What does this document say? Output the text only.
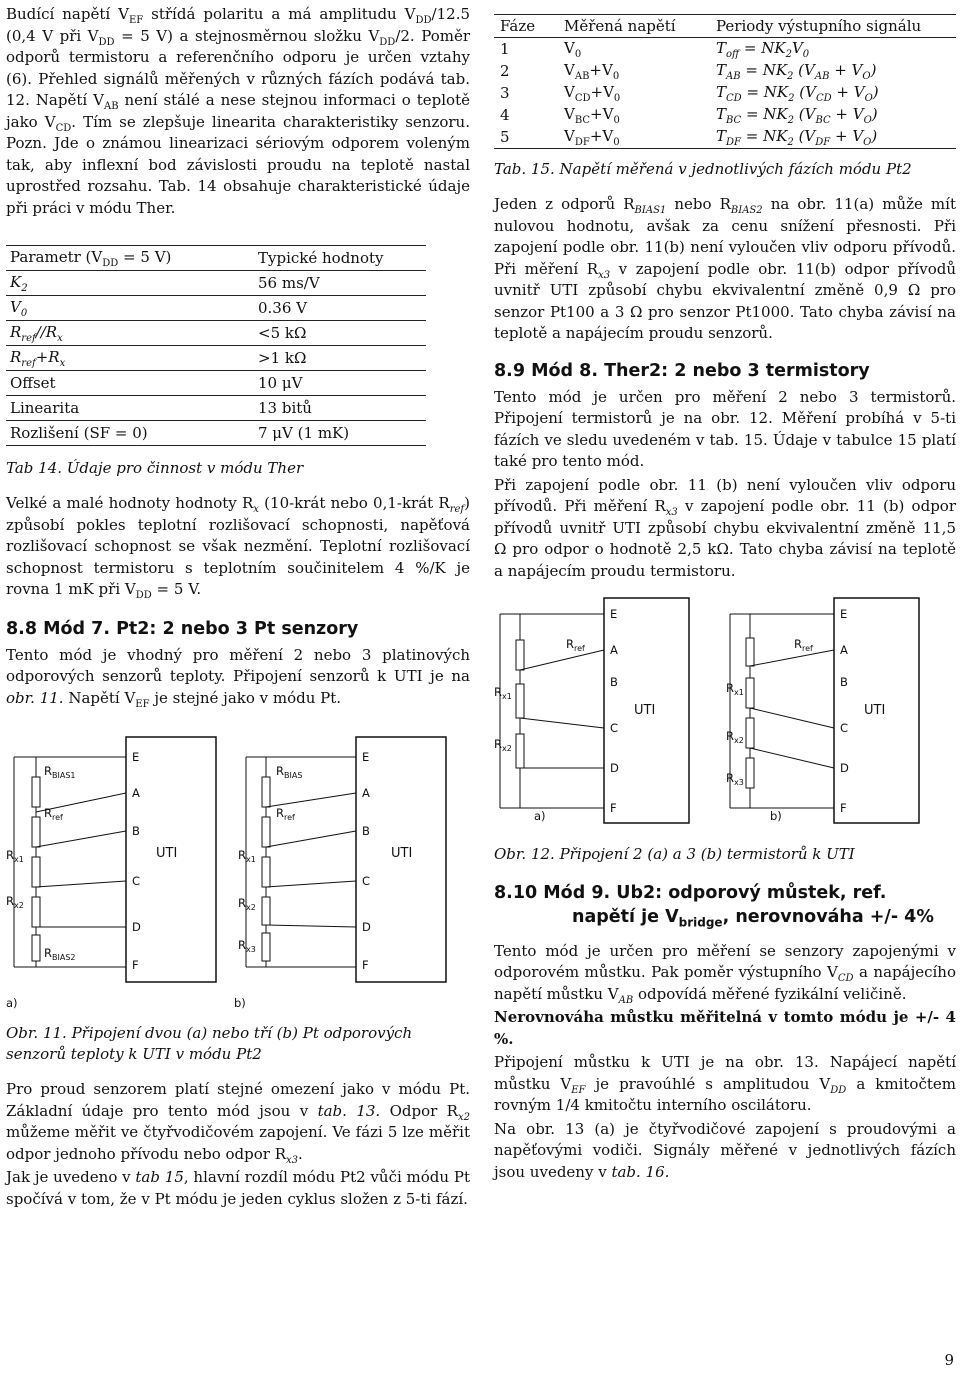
Budící napětí $V_{EF}$ střídá polaritu a má amplitudu $V_{DD}/12.5$ (0,4 V při $V_{DD} = 5$ V) a stejnosměrnou složku $V_{DD}/2$. Poměr odporů termistoru a referenčního odporu je určen vztahy (6). Přehled signálů měřených v různých fázích podává tab. 12. Napětí $V_{AB}$ není stálé a nese stejnou informaci o teplotě jako $V_{CD}$. Tím se zlepšuje linearita charakteristiky senzoru. Pozn. Jde o známou linearizaci sériovým odporem voleným tak, aby inflexní bod závislosti proudu na teplotě nastal uprostřed rozsahu. Tab. 14 obsahuje charakteristické údaje při práci v módu Ther.

Parametr ($V_{DD} = 5$ V)	Typické hodnoty
$K_2$	56 ms/V
$V_0$	0.36 V
$R_{ref}//R_x$	<5 kΩ
$R_{ref}+R_x$	>1 kΩ
Offset	10 μV
Linearita	13 bitů
Rozlišení (SF = 0)	7 μV (1 mK)

Tab 14. Údaje pro činnost v módu Ther

Velké a malé hodnoty hodnoty $R_x$ (10-krát nebo 0,1-krát $R_{ref}$) způsobí pokles teplotní rozlišovací schopnosti, napěťová rozlišovací schopnost se však nezmění. Teplotní rozlišovací schopnost termistoru s teplotním součinitelem 4 %/K je rovna 1 mK při $V_{DD} = 5$ V.

8.8 Mód 7. Pt2: 2 nebo 3 Pt senzory

Tento mód je vhodný pro měření 2 nebo 3 platinových odporových senzorů teploty. Připojení senzorů k UTI je na obr. 11. Napětí $V_{EF}$ je stejné jako v módu Pt.

E
A
B
C
D
F
UTI
$R_{BIAS1}$
$R_{ref}$
$R_{x1}$
$R_{x2}$
$R_{BIAS2}$
a)
E
A
B
C
D
F
UTI
$R_{BIAS}$
$R_{ref}$
$R_{x1}$
$R_{x2}$
$R_{x3}$
b)

Obr. 11. Připojení dvou (a) nebo tří (b) Pt odporových senzorů teploty k UTI v módu Pt2

Pro proud senzorem platí stejné omezení jako v módu Pt. Základní údaje pro tento mód jsou v tab. 13. Odpor $R_{x2}$ můžeme měřit ve čtyřvodičovém zapojení. Ve fázi 5 lze měřit odpor jednoho přívodu nebo odpor $R_{x3}$.

Jak je uvedeno v tab 15, hlavní rozdíl módu Pt2 vůči módu Pt spočívá v tom, že v Pt módu je jeden cyklus složen z 5-ti fází.

Fáze	Měřená napětí	Periody výstupního signálu
1	$V_0$	$T_{off} = NK_2V_0$
2	$V_{AB}+V_0$	$T_{AB} = NK_2$ $(V_{AB} + V_O)$
3	$V_{CD}+V_0$	$T_{CD} = NK_2$ $(V_{CD} + V_O)$
4	$V_{BC}+V_0$	$T_{BC} = NK_2$ $(V_{BC} + V_O)$
5	$V_{DF}+V_0$	$T_{DF} = NK_2$ $(V_{DF} + V_O)$

Tab. 15. Napětí měřená v jednotlivých fázích módu Pt2

Jeden z odporů $R_{BIAS1}$ nebo $R_{BIAS2}$ na obr. 11(a) může mít nulovou hodnotu, avšak za cenu snížení přesnosti. Při zapojení podle obr. 11(b) není vyloučen vliv odporu přívodů. Při měření $R_{x3}$ v zapojení podle obr. 11(b) odpor přívodů uvnitř UTI způsobí chybu ekvivalentní změně 0,9 Ω pro senzor Pt100 a 3 Ω pro senzor Pt1000. Tato chyba závisí na teplotě a napájecím proudu senzorů.

8.9 Mód 8. Ther2: 2 nebo 3 termistory

Tento mód je určen pro měření 2 nebo 3 termistorů. Připojení termistorů je na obr. 12. Měření probíhá v 5-ti fázích ve sledu uvedeném v tab. 15. Údaje v tabulce 15 platí také pro tento mód.

Při zapojení podle obr. 11 (b) není vyloučen vliv odporu přívodů. Při měření $R_{x3}$ v zapojení podle obr. 11 (b) odpor přívodů uvnitř UTI způsobí chybu ekvivalentní změně 11,5 Ω pro odpor o hodnotě 2,5 kΩ. Tato chyba závisí na teplotě a napájecím proudu termistoru.

E
A
B
C
D
F
UTI
$R_{ref}$
$R_{x1}$
$R_{x2}$
a)
E
A
B
C
D
F
UTI
$R_{ref}$
$R_{x1}$
$R_{x2}$
$R_{x3}$
b)

Obr. 12. Připojení 2 (a) a 3 (b) termistorů k UTI

8.10 Mód 9. Ub2: odporový můstek, ref.

napětí je $V_{bridge}$, nerovnováha +/- 4%

Tento mód je určen pro měření se senzory zapojenými v odporovém můstku. Pak poměr výstupního $V_{CD}$ a napájecího napětí můstku $V_{AB}$ odpovídá měřené fyzikální veličině.

Nerovnováha můstku měřitelná v tomto módu je +/- 4 %.

Připojení můstku k UTI je na obr. 13. Napájecí napětí můstku $V_{EF}$ je pravoúhlé s amplitudou $V_{DD}$ a kmitočtem rovným 1/4 kmitočtu interního oscilátoru.

Na obr. 13 (a) je čtyřvodičové zapojení s proudovými a napěťovými vodiči. Signály měřené v jednotlivých fázích jsou uvedeny v tab. 16.

9
